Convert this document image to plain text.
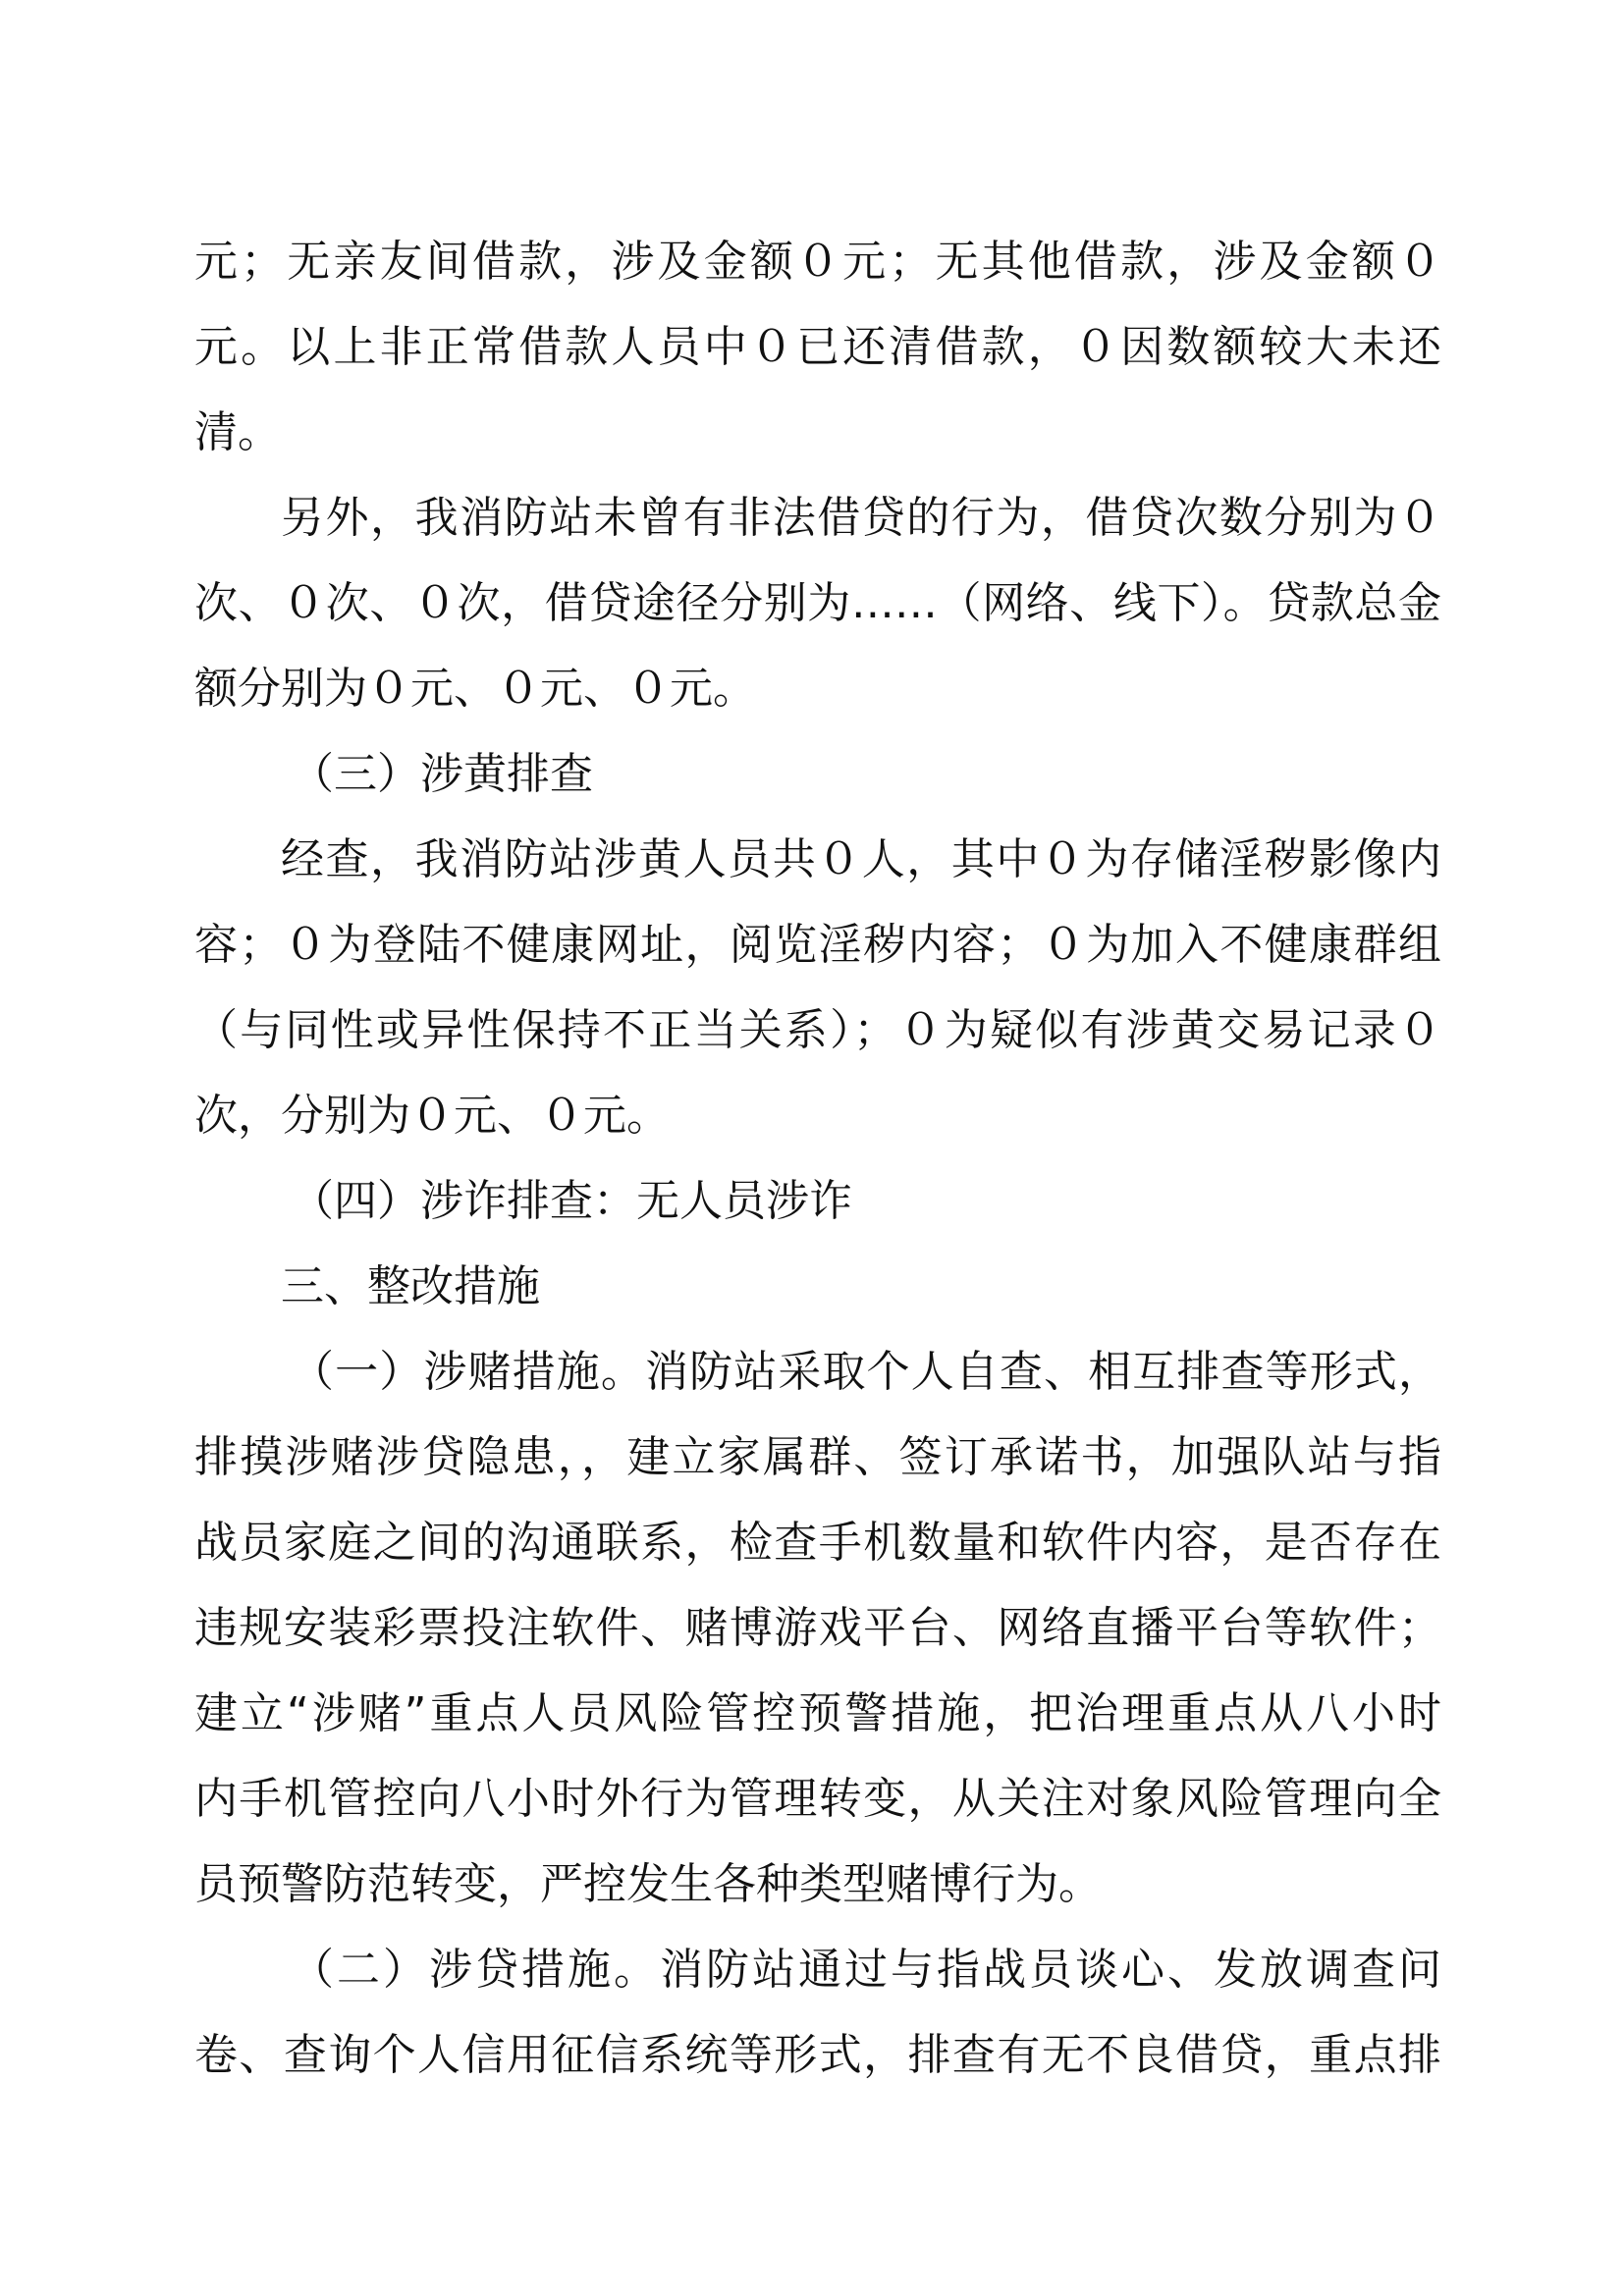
元；无亲友间借款，涉及金额０元；无其他借款，涉及金额０
元。以上非正常借款人员中０已还清借款，０因数额较大未还
清。
另外，我消防站未曾有非法借贷的行为，借贷次数分别为０
次、０次、０次，借贷途径分别为……（网络、线下）。贷款总金
额分别为０元、０元、０元。
（三）涉黄排查
经查，我消防站涉黄人员共０人，其中０为存储淫秽影像内
容；０为登陆不健康网址，阅览淫秽内容；０为加入不健康群组
（与同性或异性保持不正当关系）；０为疑似有涉黄交易记录０
次，分别为０元、０元。
（四）涉诈排查：无人员涉诈
三、整改措施
（一）涉赌措施。消防站采取个人自查、相互排查等形式，
排摸涉赌涉贷隐患，，建立家属群、签订承诺书，加强队站与指
战员家庭之间的沟通联系，检查手机数量和软件内容，是否存在
违规安装彩票投注软件、赌博游戏平台、网络直播平台等软件；
建立“涉赌”重点人员风险管控预警措施，把治理重点从八小时
内手机管控向八小时外行为管理转变，从关注对象风险管理向全
员预警防范转变，严控发生各种类型赌博行为。
（二）涉贷措施。消防站通过与指战员谈心、发放调查问
卷、查询个人信用征信系统等形式，排查有无不良借贷，重点排
